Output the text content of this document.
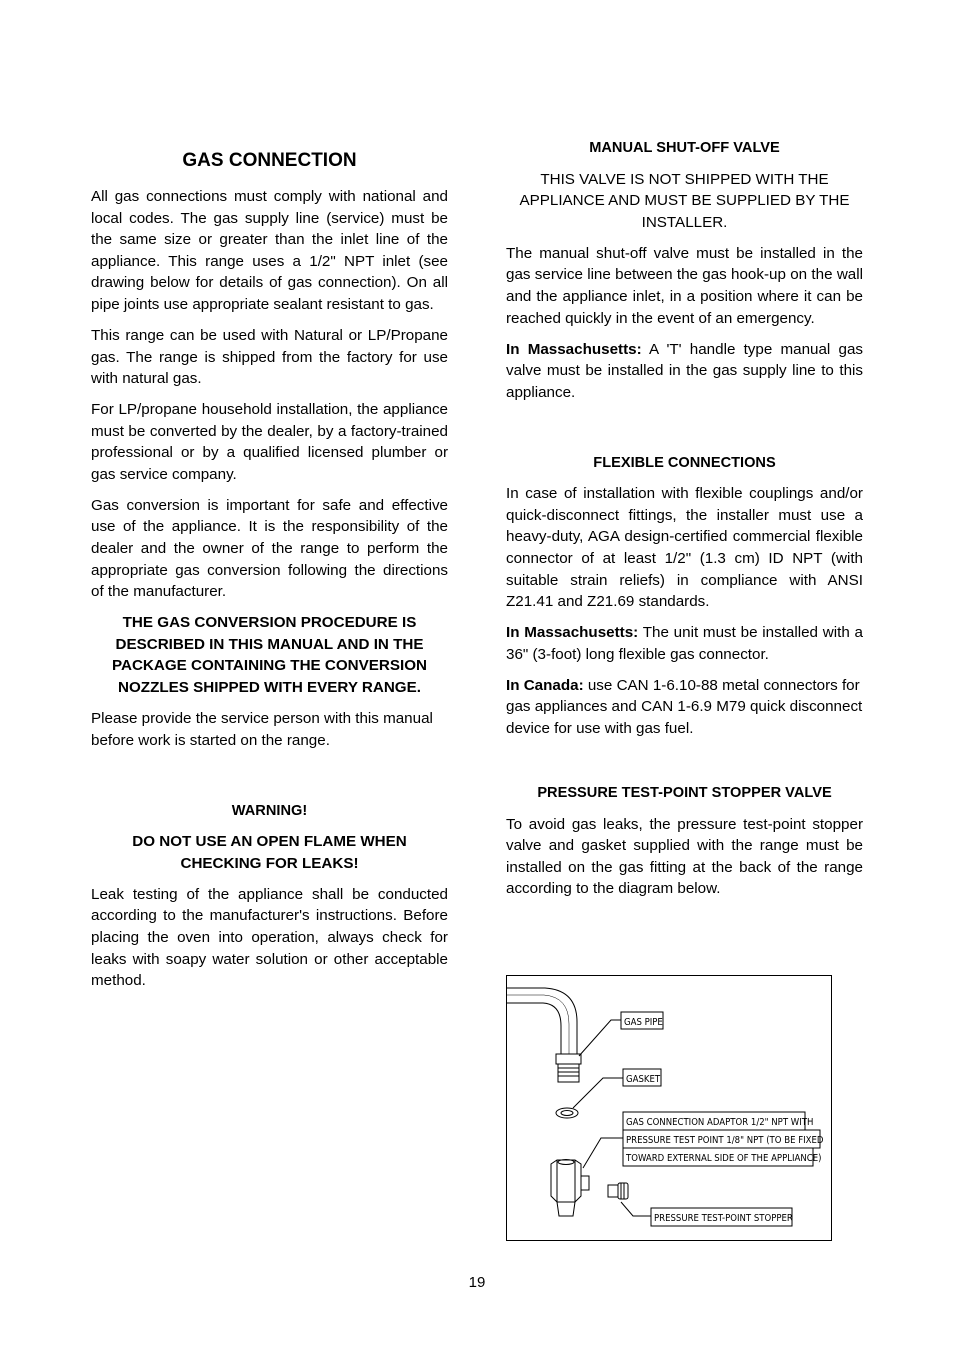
GAS CONNECTION

All gas connections must comply with national and local codes. The gas supply line (service) must be the same size or greater than the inlet line of the appliance. This range uses a 1/2" NPT inlet (see drawing below for details of gas connection). On all pipe joints use appropriate sealant resistant to gas.

This range can be used with Natural or LP/Propane gas. The range is shipped from the factory for use with natural gas.

For LP/propane household installation, the appliance must be converted by the dealer, by a factory-trained professional or by a qualified licensed plumber or gas service company.

Gas conversion is important for safe and effective use of the appliance. It is the responsibility of the dealer and the owner of the range to perform the appropriate gas conversion following the directions of the manufacturer.

THE GAS CONVERSION PROCEDURE IS DESCRIBED IN THIS MANUAL AND IN THE PACKAGE CONTAINING THE CONVERSION NOZZLES SHIPPED WITH EVERY RANGE.

Please provide the service person with this manual before work is started on the range.

WARNING!

DO NOT USE AN OPEN FLAME WHEN CHECKING FOR LEAKS!

Leak testing of the appliance shall be conducted according to the manufacturer's instructions. Before placing the oven into operation, always check for leaks with soapy water solution or other acceptable method.

MANUAL SHUT-OFF VALVE

THIS VALVE IS NOT SHIPPED WITH THE APPLIANCE AND MUST BE SUPPLIED BY THE INSTALLER.

The manual shut-off valve must be installed in the gas service line between the gas hook-up on the wall and the appliance inlet, in a position where it can be reached quickly in the event of an emergency.

In Massachusetts: A 'T' handle type manual gas valve must be installed in the gas supply line to this appliance.

FLEXIBLE CONNECTIONS

In case of installation with flexible couplings and/or quick-disconnect fittings, the installer must use a heavy-duty, AGA design-certified commercial flexible connector of at least 1/2" (1.3 cm) ID NPT (with suitable strain reliefs) in compliance with ANSI Z21.41 and Z21.69 standards.

In Massachusetts: The unit must be installed with a 36" (3-foot) long flexible gas connector.

In Canada: use CAN 1-6.10-88 metal connectors for gas appliances and CAN 1-6.9 M79 quick disconnect device for use with gas fuel.

PRESSURE TEST-POINT STOPPER VALVE

To avoid gas leaks, the pressure test-point stopper valve and gasket supplied with the range must be installed on the gas fitting at the back of the range according to the diagram below.

GAS PIPE
GASKET
GAS CONNECTION ADAPTOR 1/2" NPT WITH
PRESSURE TEST POINT 1/8" NPT (TO BE FIXED
TOWARD EXTERNAL SIDE OF THE APPLIANCE)
PRESSURE TEST-POINT STOPPER
19
